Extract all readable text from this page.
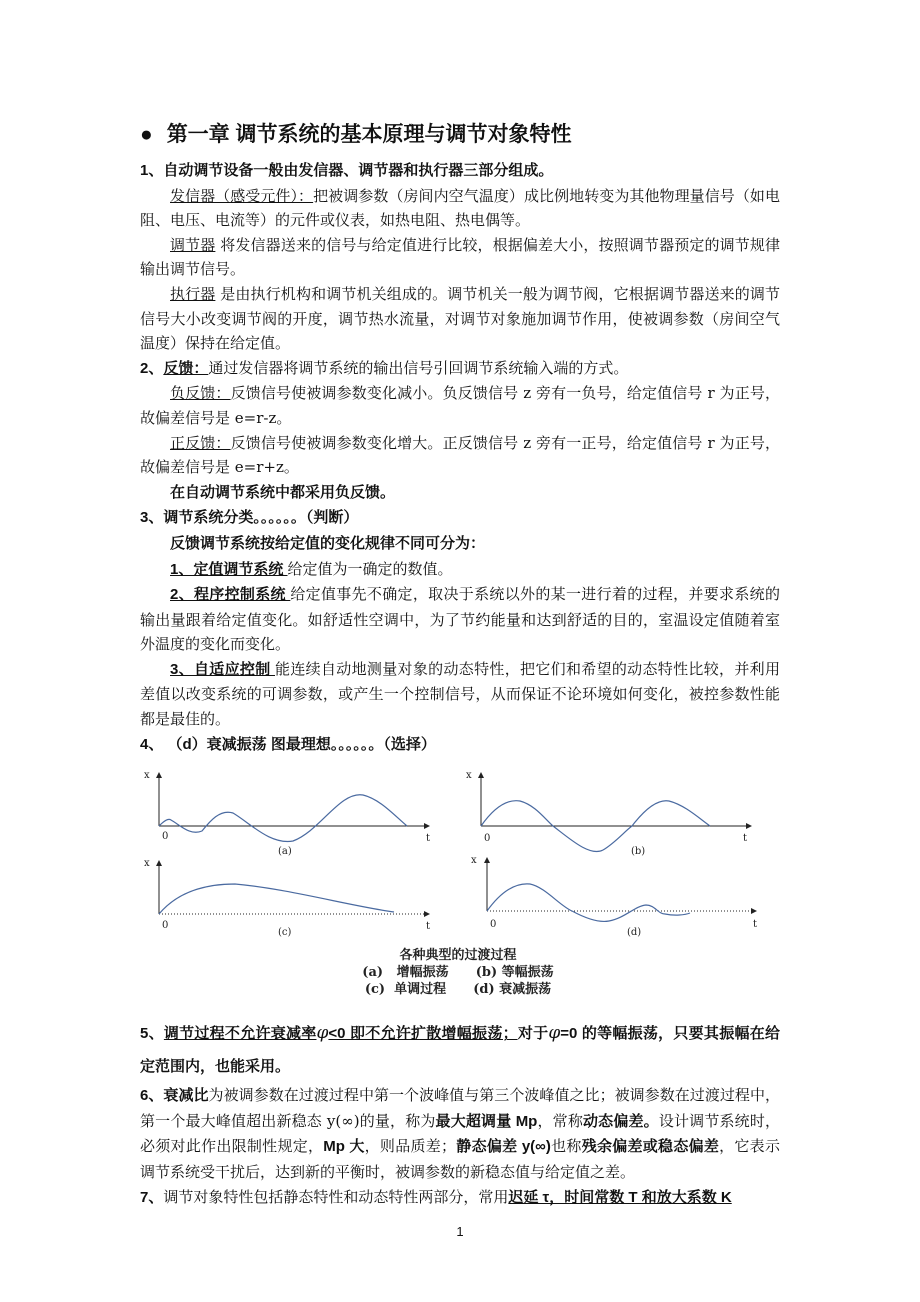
● 第一章 调节系统的基本原理与调节对象特性

1、自动调节设备一般由发信器、调节器和执行器三部分组成。

发信器（感受元件）：把被调参数（房间内空气温度）成比例地转变为其他物理量信号（如电阻、电压、电流等）的元件或仪表，如热电阻、热电偶等。

调节器 将发信器送来的信号与给定值进行比较，根据偏差大小，按照调节器预定的调节规律输出调节信号。

执行器 是由执行机构和调节机关组成的。调节机关一般为调节阀，它根据调节器送来的调节信号大小改变调节阀的开度，调节热水流量，对调节对象施加调节作用，使被调参数（房间空气温度）保持在给定值。

2、反馈：通过发信器将调节系统的输出信号引回调节系统输入端的方式。

负反馈：反馈信号使被调参数变化减小。负反馈信号 z 旁有一负号，给定值信号 r 为正号，故偏差信号是 e=r-z。

正反馈：反馈信号使被调参数变化增大。正反馈信号 z 旁有一正号，给定值信号 r 为正号，故偏差信号是 e=r+z。

在自动调节系统中都采用负反馈。

3、调节系统分类。。。。。。（判断）

反馈调节系统按给定值的变化规律不同可分为：

1、定值调节系统 给定值为一确定的数值。

2、程序控制系统 给定值事先不确定，取决于系统以外的某一进行着的过程，并要求系统的输出量跟着给定值变化。如舒适性空调中，为了节约能量和达到舒适的目的，室温设定值随着室外温度的变化而变化。

3、自适应控制 能连续自动地测量对象的动态特性，把它们和希望的动态特性比较，并利用差值以改变系统的可调参数，或产生一个控制信号，从而保证不论环境如何变化，被控参数性能都是最佳的。

4、 （d）衰减振荡 图最理想。。。。。。（选择）

x	x
x	x
0	0
0	0
t	t
t	t
(a)	(b)
(c)	(d)
各种典型的过渡过程
(a)   增幅振荡      (b) 等幅振荡
(c)  单调过程      (d) 衰减振荡

5、调节过程不允许衰减率φ<0 即不允许扩散增幅振荡；对于φ=0 的等幅振荡，只要其振幅在给定范围内，也能采用。

6、衰减比为被调参数在过渡过程中第一个波峰值与第三个波峰值之比；被调参数在过渡过程中，第一个最大峰值超出新稳态 y(∞)的量，称为最大超调量 Mp，常称动态偏差。设计调节系统时，必须对此作出限制性规定，Mp 大，则品质差；静态偏差 y(∞)也称残余偏差或稳态偏差，它表示调节系统受干扰后，达到新的平衡时，被调参数的新稳态值与给定值之差。

7、调节对象特性包括静态特性和动态特性两部分，常用迟延 τ，时间常数 T 和放大系数 K

1
